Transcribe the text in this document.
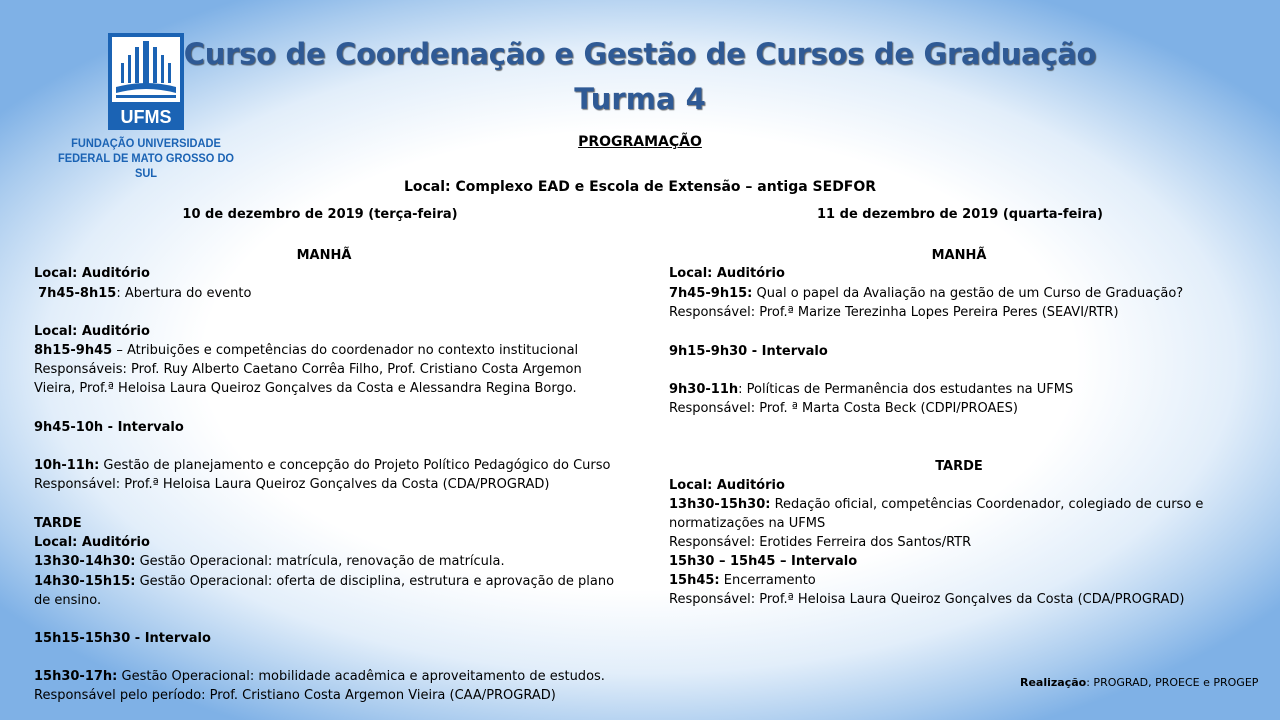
UFMS
FUNDAÇÃO UNIVERSIDADE
FEDERAL DE MATO GROSSO DO SUL
Curso de Coordenação e Gestão de Cursos de Graduação
Turma 4
PROGRAMAÇÃO
Local: Complexo EAD e Escola de Extensão – antiga SEDFOR
10 de dezembro de 2019 (terça-feira)	11 de dezembro de 2019 (quarta-feira)
MANHÃ
Local: Auditório
7h45-8h15: Abertura do evento
Local: Auditório
8h15-9h45 – Atribuições e competências do coordenador no contexto institucional
Responsáveis: Prof. Ruy Alberto Caetano Corrêa Filho, Prof. Cristiano Costa Argemon
Vieira, Prof.ª Heloisa Laura Queiroz Gonçalves da Costa e Alessandra Regina Borgo.
9h45-10h - Intervalo
10h-11h: Gestão de planejamento e concepção do Projeto Político Pedagógico do Curso
Responsável: Prof.ª Heloisa Laura Queiroz Gonçalves da Costa (CDA/PROGRAD)
TARDE
Local: Auditório
13h30-14h30: Gestão Operacional: matrícula, renovação de matrícula.
14h30-15h15: Gestão Operacional: oferta de disciplina, estrutura e aprovação de plano
de ensino.
15h15-15h30 - Intervalo
15h30-17h: Gestão Operacional: mobilidade acadêmica e aproveitamento de estudos.
Responsável pelo período: Prof. Cristiano Costa Argemon Vieira (CAA/PROGRAD)
MANHÃ
Local: Auditório
7h45-9h15: Qual o papel da Avaliação na gestão de um Curso de Graduação?
Responsável: Prof.ª Marize Terezinha Lopes Pereira Peres (SEAVI/RTR)
9h15-9h30 - Intervalo
9h30-11h: Políticas de Permanência dos estudantes na UFMS
Responsável: Prof. ª Marta Costa Beck (CDPI/PROAES)
TARDE
Local: Auditório
13h30-15h30: Redação oficial, competências Coordenador, colegiado de curso e
normatizações na UFMS
Responsável: Erotides Ferreira dos Santos/RTR
15h30 – 15h45 – Intervalo
15h45: Encerramento
Responsável: Prof.ª Heloisa Laura Queiroz Gonçalves da Costa (CDA/PROGRAD)
Realização: PROGRAD, PROECE e PROGEP
